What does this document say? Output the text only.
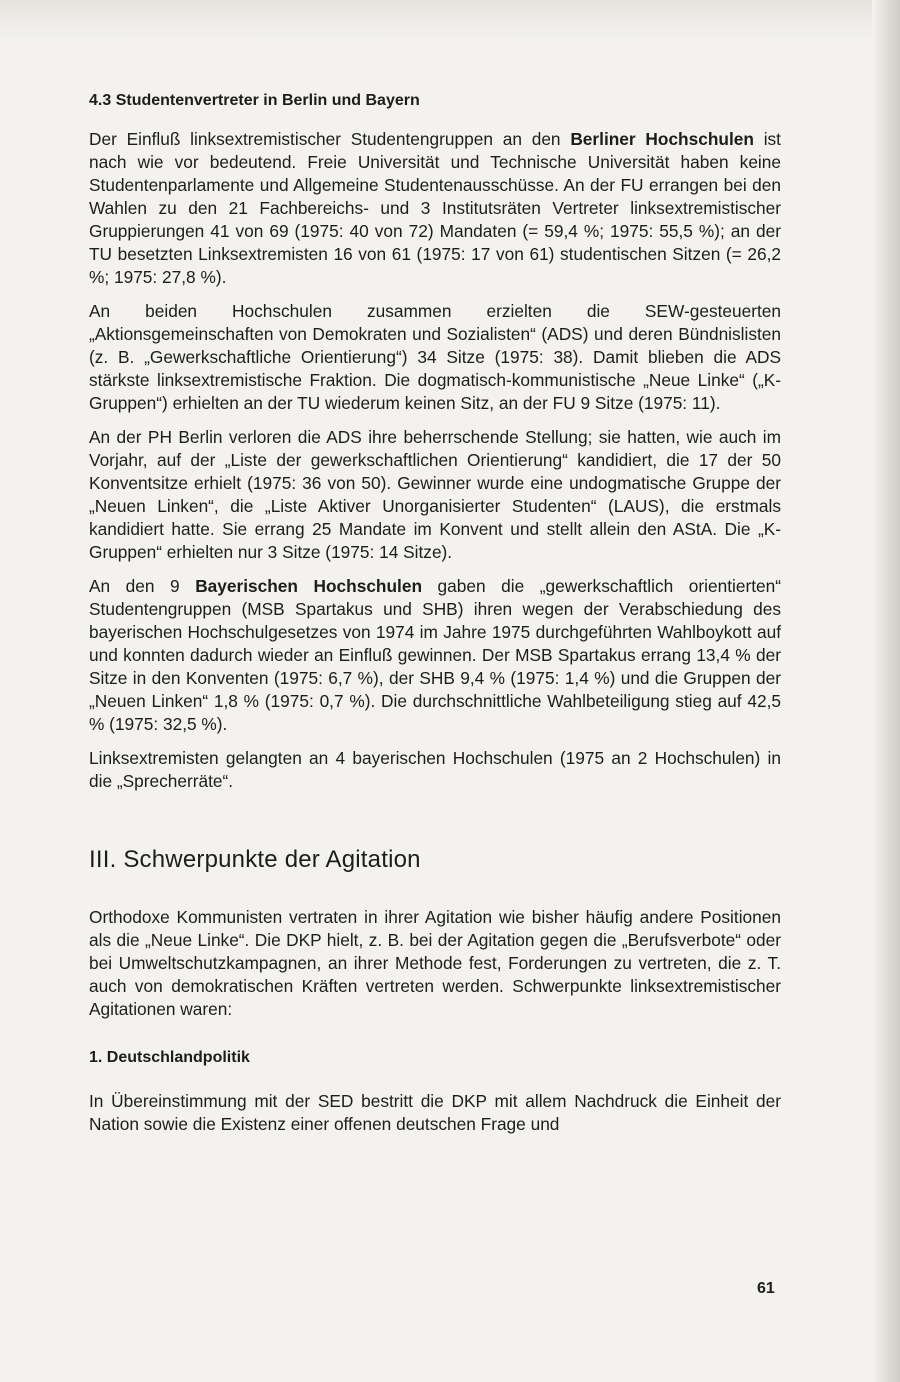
4.3 Studentenvertreter in Berlin und Bayern

Der Einfluß linksextremistischer Studentengruppen an den Berliner Hochschulen ist nach wie vor bedeutend. Freie Universität und Technische Universität haben keine Studentenparlamente und Allgemeine Studentenausschüsse. An der FU errangen bei den Wahlen zu den 21 Fachbereichs- und 3 Institutsräten Vertreter linksextremistischer Gruppierungen 41 von 69 (1975: 40 von 72) Mandaten (= 59,4 %; 1975: 55,5 %); an der TU besetzten Linksextremisten 16 von 61 (1975: 17 von 61) studentischen Sitzen (= 26,2 %; 1975: 27,8 %).

An beiden Hochschulen zusammen erzielten die SEW-gesteuerten „Aktionsgemeinschaften von Demokraten und Sozialisten“ (ADS) und deren Bündnislisten (z. B. „Gewerkschaftliche Orientierung“) 34 Sitze (1975: 38). Damit blieben die ADS stärkste linksextremistische Fraktion. Die dogmatisch-kommunistische „Neue Linke“ („K-Gruppen“) erhielten an der TU wiederum keinen Sitz, an der FU 9 Sitze (1975: 11).

An der PH Berlin verloren die ADS ihre beherrschende Stellung; sie hatten, wie auch im Vorjahr, auf der „Liste der gewerkschaftlichen Orientierung“ kandidiert, die 17 der 50 Konventsitze erhielt (1975: 36 von 50). Gewinner wurde eine undogmatische Gruppe der „Neuen Linken“, die „Liste Aktiver Unorganisierter Studenten“ (LAUS), die erstmals kandidiert hatte. Sie errang 25 Mandate im Konvent und stellt allein den AStA. Die „K-Gruppen“ erhielten nur 3 Sitze (1975: 14 Sitze).

An den 9 Bayerischen Hochschulen gaben die „gewerkschaftlich orientierten“ Studentengruppen (MSB Spartakus und SHB) ihren wegen der Verabschiedung des bayerischen Hochschulgesetzes von 1974 im Jahre 1975 durchgeführten Wahlboykott auf und konnten dadurch wieder an Einfluß gewinnen. Der MSB Spartakus errang 13,4 % der Sitze in den Konventen (1975: 6,7 %), der SHB 9,4 % (1975: 1,4 %) und die Gruppen der „Neuen Linken“ 1,8 % (1975: 0,7 %). Die durchschnittliche Wahlbeteiligung stieg auf 42,5 % (1975: 32,5 %).

Linksextremisten gelangten an 4 bayerischen Hochschulen (1975 an 2 Hochschulen) in die „Sprecherräte“.

III. Schwerpunkte der Agitation

Orthodoxe Kommunisten vertraten in ihrer Agitation wie bisher häufig andere Positionen als die „Neue Linke“. Die DKP hielt, z. B. bei der Agitation gegen die „Berufsverbote“ oder bei Umweltschutzkampagnen, an ihrer Methode fest, Forderungen zu vertreten, die z. T. auch von demokratischen Kräften vertreten werden. Schwerpunkte linksextremistischer Agitationen waren:

1. Deutschlandpolitik

In Übereinstimmung mit der SED bestritt die DKP mit allem Nachdruck die Einheit der Nation sowie die Existenz einer offenen deutschen Frage und

61
